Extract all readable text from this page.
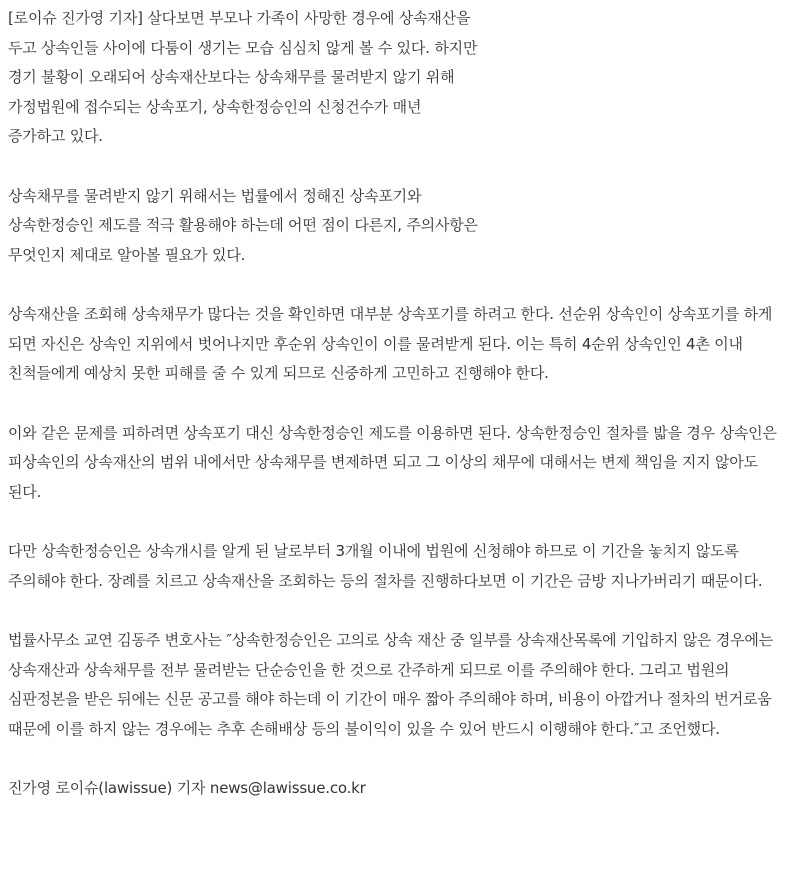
[로이슈 진가영 기자] 살다보면 부모나 가족이 사망한 경우에 상속재산을 두고 상속인들 사이에 다툼이 생기는 모습 심심치 않게 볼 수 있다. 하지만 경기 불황이 오래되어 상속재산보다는 상속채무를 물려받지 않기 위해 가정법원에 접수되는 상속포기, 상속한정승인의 신청건수가 매년 증가하고 있다.

상속채무를 물려받지 않기 위해서는 법률에서 정해진 상속포기와 상속한정승인 제도를 적극 활용해야 하는데 어떤 점이 다른지, 주의사항은 무엇인지 제대로 알아볼 필요가 있다.

상속재산을 조회해 상속채무가 많다는 것을 확인하면 대부분 상속포기를 하려고 한다. 선순위 상속인이 상속포기를 하게 되면 자신은 상속인 지위에서 벗어나지만 후순위 상속인이 이를 물려받게 된다. 이는 특히 4순위 상속인인 4촌 이내 친척들에게 예상치 못한 피해를 줄 수 있게 되므로 신중하게 고민하고 진행해야 한다.

이와 같은 문제를 피하려면 상속포기 대신 상속한정승인 제도를 이용하면 된다. 상속한정승인 절차를 밟을 경우 상속인은 피상속인의 상속재산의 범위 내에서만 상속채무를 변제하면 되고 그 이상의 채무에 대해서는 변제 책임을 지지 않아도 된다.

다만 상속한정승인은 상속개시를 알게 된 날로부터 3개월 이내에 법원에 신청해야 하므로 이 기간을 놓치지 않도록 주의해야 한다. 장례를 치르고 상속재산을 조회하는 등의 절차를 진행하다보면 이 기간은 금방 지나가버리기 때문이다.

법률사무소 교연 김동주 변호사는 ″상속한정승인은 고의로 상속 재산 중 일부를 상속재산목록에 기입하지 않은 경우에는 상속재산과 상속채무를 전부 물려받는 단순승인을 한 것으로 간주하게 되므로 이를 주의해야 한다. 그리고 법원의 심판정본을 받은 뒤에는 신문 공고를 해야 하는데 이 기간이 매우 짧아 주의해야 하며, 비용이 아깝거나 절차의 번거로움 때문에 이를 하지 않는 경우에는 추후 손해배상 등의 불이익이 있을 수 있어 반드시 이행해야 한다.″고 조언했다.

진가영 로이슈(lawissue) 기자 news@lawissue.co.kr
